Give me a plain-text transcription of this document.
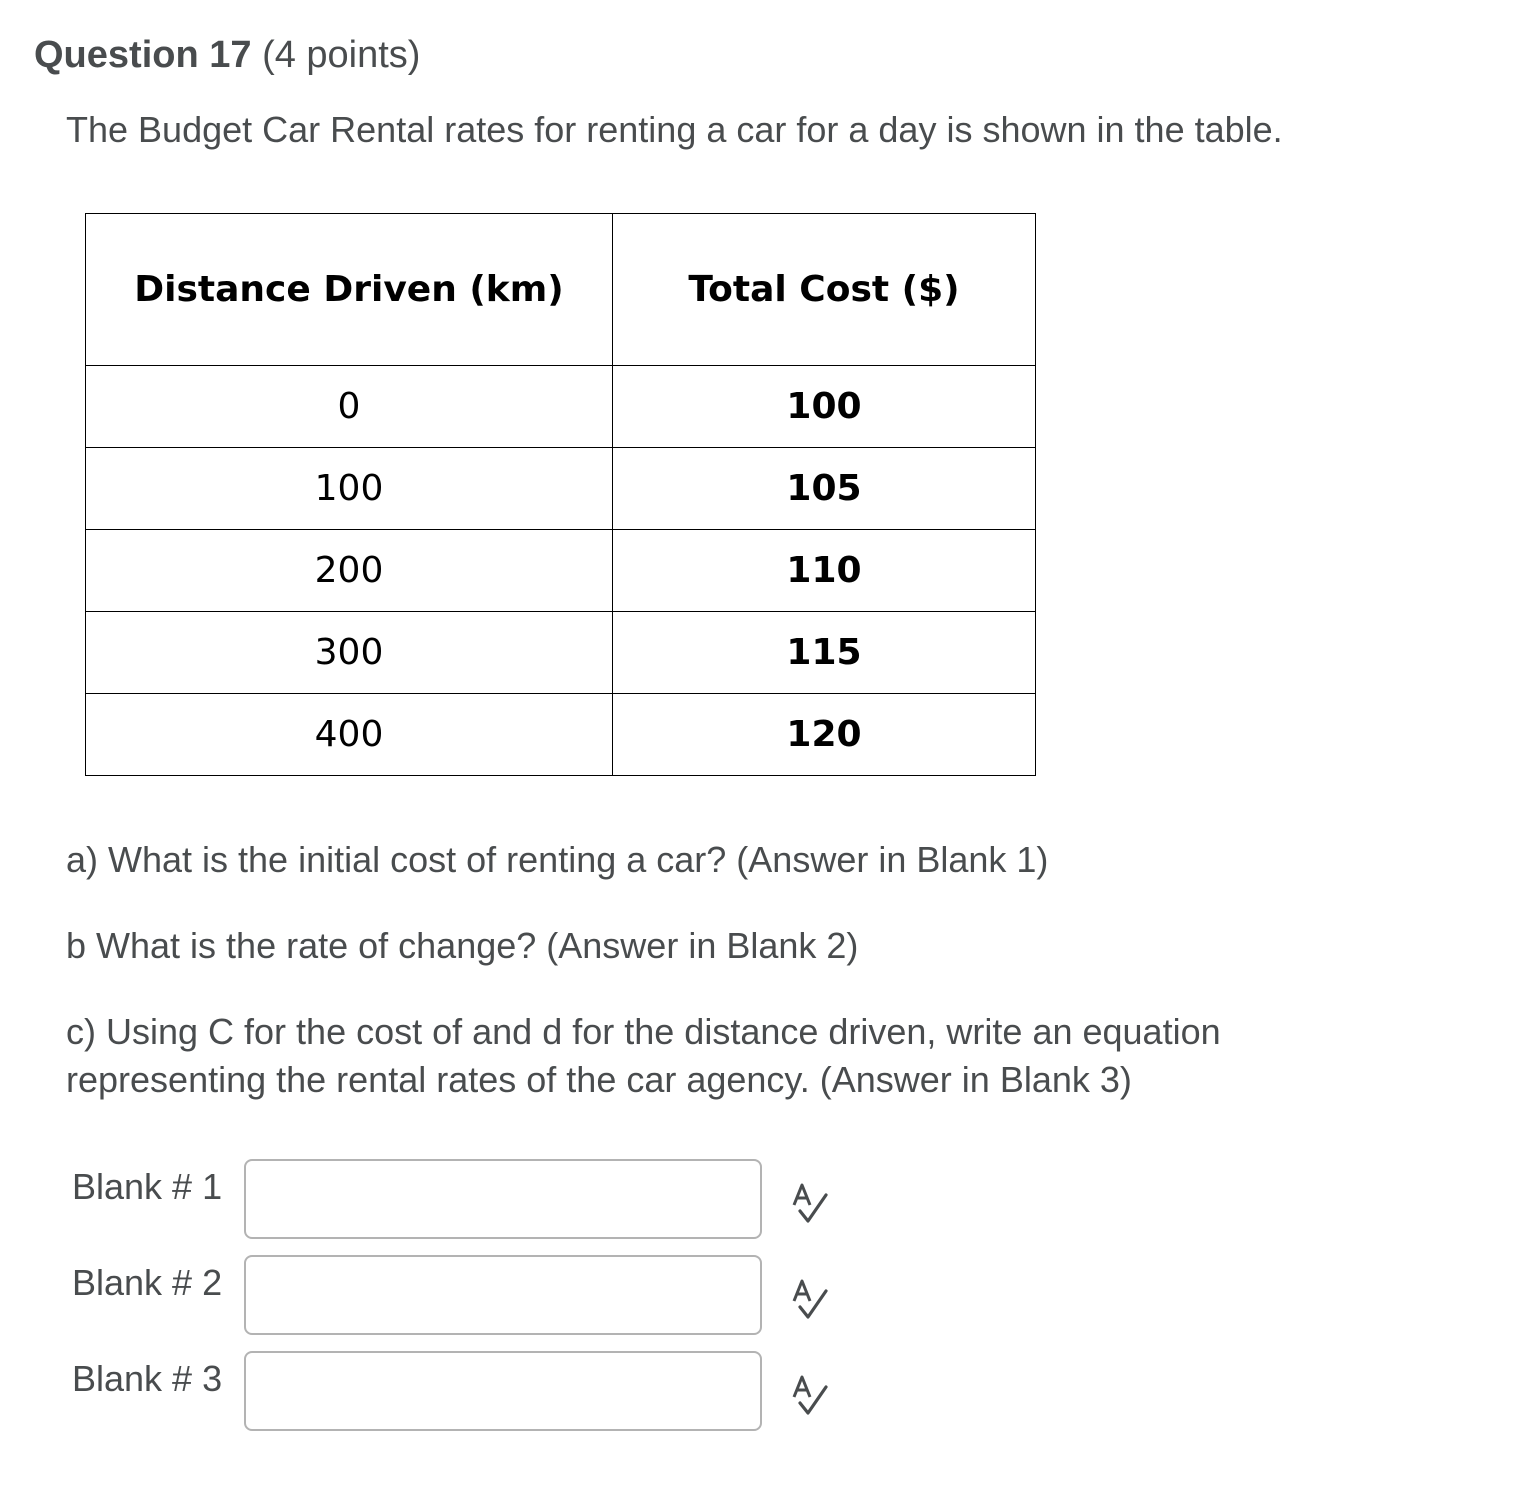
Question 17 (4 points)
The Budget Car Rental rates for renting a car for a day is shown in the table.
Distance Driven (km)	Total Cost ($)
0	100
100	105
200	110
300	115
400	120
a) What is the initial cost of renting a car? (Answer in Blank 1)
b What is the rate of change? (Answer in Blank 2)
c) Using C for the cost of and d for the distance driven, write an equation
representing the rental rates of the car agency. (Answer in Blank 3)
Blank # 1
Blank # 2
Blank # 3
